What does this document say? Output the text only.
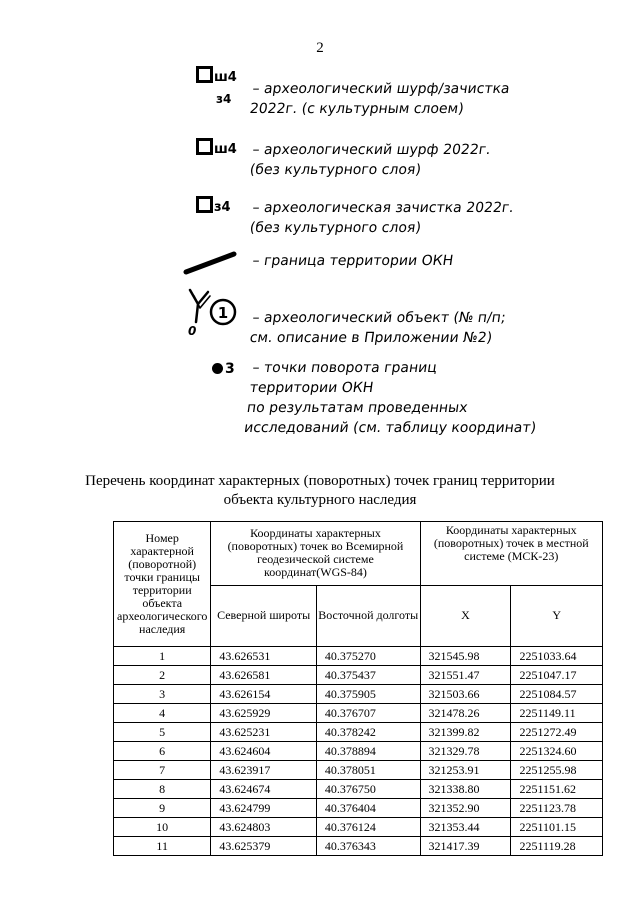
2
ш4
з4
ш4
з4
1
0
3
– археологический шурф/зачистка
2022г. (с культурным слоем)
– археологический шурф 2022г.
(без культурного слоя)
– археологическая зачистка 2022г.
(без культурного слоя)
– граница территории ОКН
– археологический объект (№ п/п;
см. описание в Приложении №2)
– точки поворота границ
территории ОКН
по результатам проведенных
исследований (см. таблицу координат)
Перечень координат характерных (поворотных) точек границ территории
объекта культурного наследия
Номер характерной (поворотной) точки границы территории объекта археологического наследия	Координаты характерных (поворотных) точек во Всемирной геодезической системе координат(WGS-84)		Координаты характерных (поворотных) точек в местной системе (МСК-23)	
	Северной широты	Восточной долготы	X	Y
1	43.626531	40.375270	321545.98	2251033.64
2	43.626581	40.375437	321551.47	2251047.17
3	43.626154	40.375905	321503.66	2251084.57
4	43.625929	40.376707	321478.26	2251149.11
5	43.625231	40.378242	321399.82	2251272.49
6	43.624604	40.378894	321329.78	2251324.60
7	43.623917	40.378051	321253.91	2251255.98
8	43.624674	40.376750	321338.80	2251151.62
9	43.624799	40.376404	321352.90	2251123.78
10	43.624803	40.376124	321353.44	2251101.15
11	43.625379	40.376343	321417.39	2251119.28
